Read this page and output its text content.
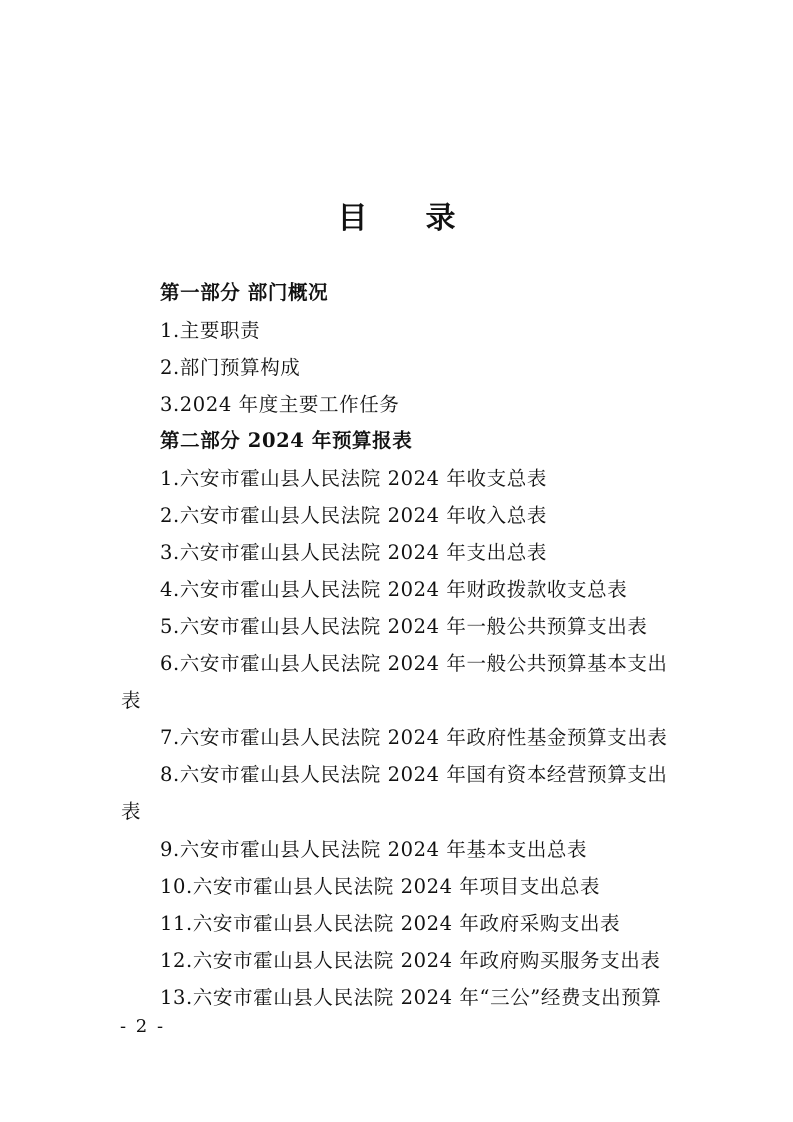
目 录
第一部分 部门概况
1.主要职责
2.部门预算构成
3.2024 年度主要工作任务
第二部分 2024 年预算报表
1.六安市霍山县人民法院 2024 年收支总表
2.六安市霍山县人民法院 2024 年收入总表
3.六安市霍山县人民法院 2024 年支出总表
4.六安市霍山县人民法院 2024 年财政拨款收支总表
5.六安市霍山县人民法院 2024 年一般公共预算支出表
6.六安市霍山县人民法院 2024 年一般公共预算基本支出
表
7.六安市霍山县人民法院 2024 年政府性基金预算支出表
8.六安市霍山县人民法院 2024 年国有资本经营预算支出
表
9.六安市霍山县人民法院 2024 年基本支出总表
10.六安市霍山县人民法院 2024 年项目支出总表
11.六安市霍山县人民法院 2024 年政府采购支出表
12.六安市霍山县人民法院 2024 年政府购买服务支出表
13.六安市霍山县人民法院 2024 年“三公”经费支出预算
- 2 -
